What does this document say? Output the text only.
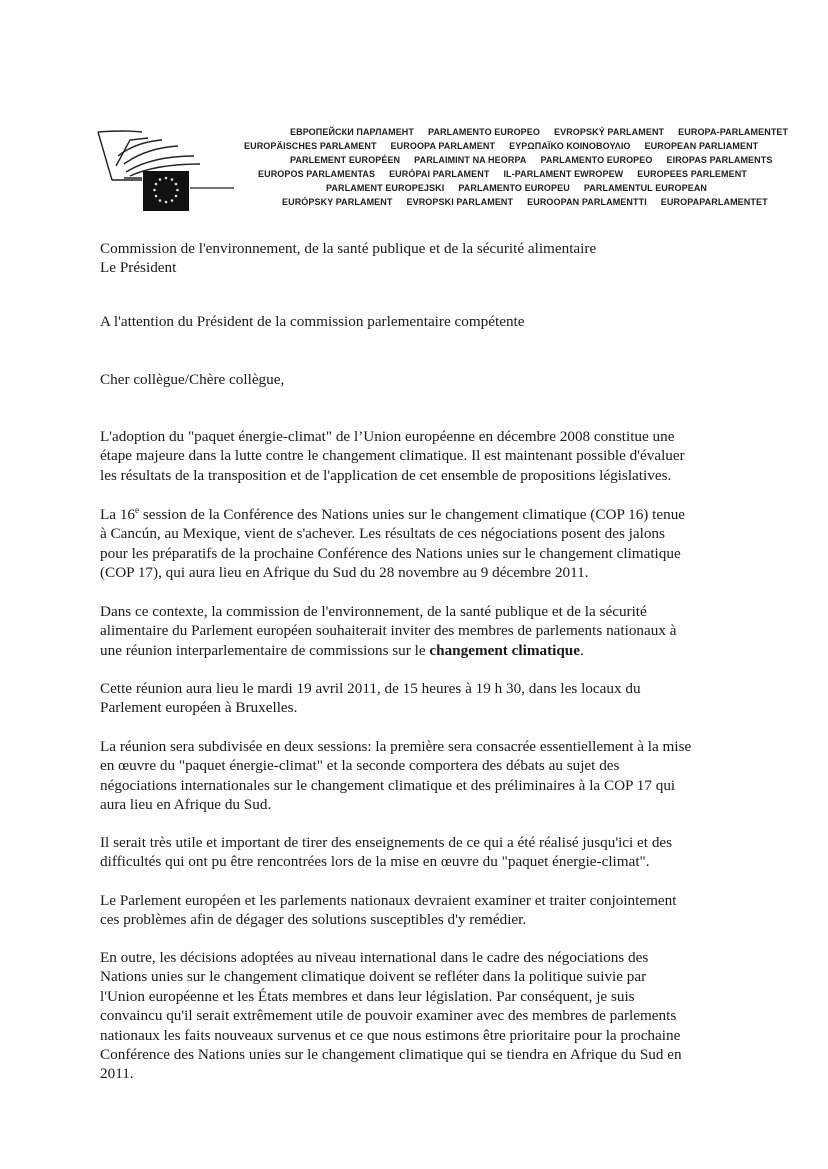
ЕВРОПЕЙСКИ ПАРЛАМЕНТ PARLAMENTO EUROPEO EVROPSKÝ PARLAMENT EUROPA-PARLAMENTET
EUROPÄISCHES PARLAMENT EUROOPA PARLAMENT ΕΥΡΩΠΑΪΚΟ ΚΟΙΝΟΒΟΥΛΙΟ EUROPEAN PARLIAMENT
PARLEMENT EUROPÉEN PARLAIMINT NA HEORPA PARLAMENTO EUROPEO EIROPAS PARLAMENTS
EUROPOS PARLAMENTAS EURÓPAI PARLAMENT IL-PARLAMENT EWROPEW EUROPEES PARLEMENT
PARLAMENT EUROPEJSKI PARLAMENTO EUROPEU PARLAMENTUL EUROPEAN
EURÓPSKY PARLAMENT EVROPSKI PARLAMENT EUROOPAN PARLAMENTTI EUROPAPARLAMENTET
Commission de l'environnement, de la santé publique et de la sécurité alimentaire
Le Président
A l'attention du Président de la commission parlementaire compétente
Cher collègue/Chère collègue,
L'adoption du "paquet énergie-climat" de l’Union européenne en décembre 2008 constitue une
étape majeure dans la lutte contre le changement climatique. Il est maintenant possible d'évaluer
les résultats de la transposition et de l'application de cet ensemble de propositions législatives.
La 16e session de la Conférence des Nations unies sur le changement climatique (COP 16) tenue
à Cancún, au Mexique, vient de s'achever. Les résultats de ces négociations posent des jalons
pour les préparatifs de la prochaine Conférence des Nations unies sur le changement climatique
(COP 17), qui aura lieu en Afrique du Sud du 28 novembre au 9 décembre 2011.
Dans ce contexte, la commission de l'environnement, de la santé publique et de la sécurité
alimentaire du Parlement européen souhaiterait inviter des membres de parlements nationaux à
une réunion interparlementaire de commissions sur le changement climatique.
Cette réunion aura lieu le mardi 19 avril 2011, de 15 heures à 19 h 30, dans les locaux du
Parlement européen à Bruxelles.
La réunion sera subdivisée en deux sessions: la première sera consacrée essentiellement à la mise
en œuvre du "paquet énergie-climat" et la seconde comportera des débats au sujet des
négociations internationales sur le changement climatique et des préliminaires à la COP 17 qui
aura lieu en Afrique du Sud.
Il serait très utile et important de tirer des enseignements de ce qui a été réalisé jusqu'ici et des
difficultés qui ont pu être rencontrées lors de la mise en œuvre du "paquet énergie-climat".
Le Parlement européen et les parlements nationaux devraient examiner et traiter conjointement
ces problèmes afin de dégager des solutions susceptibles d'y remédier.
En outre, les décisions adoptées au niveau international dans le cadre des négociations des
Nations unies sur le changement climatique doivent se refléter dans la politique suivie par
l'Union européenne et les États membres et dans leur législation. Par conséquent, je suis
convaincu qu'il serait extrêmement utile de pouvoir examiner avec des membres de parlements
nationaux les faits nouveaux survenus et ce que nous estimons être prioritaire pour la prochaine
Conférence des Nations unies sur le changement climatique qui se tiendra en Afrique du Sud en
2011.
